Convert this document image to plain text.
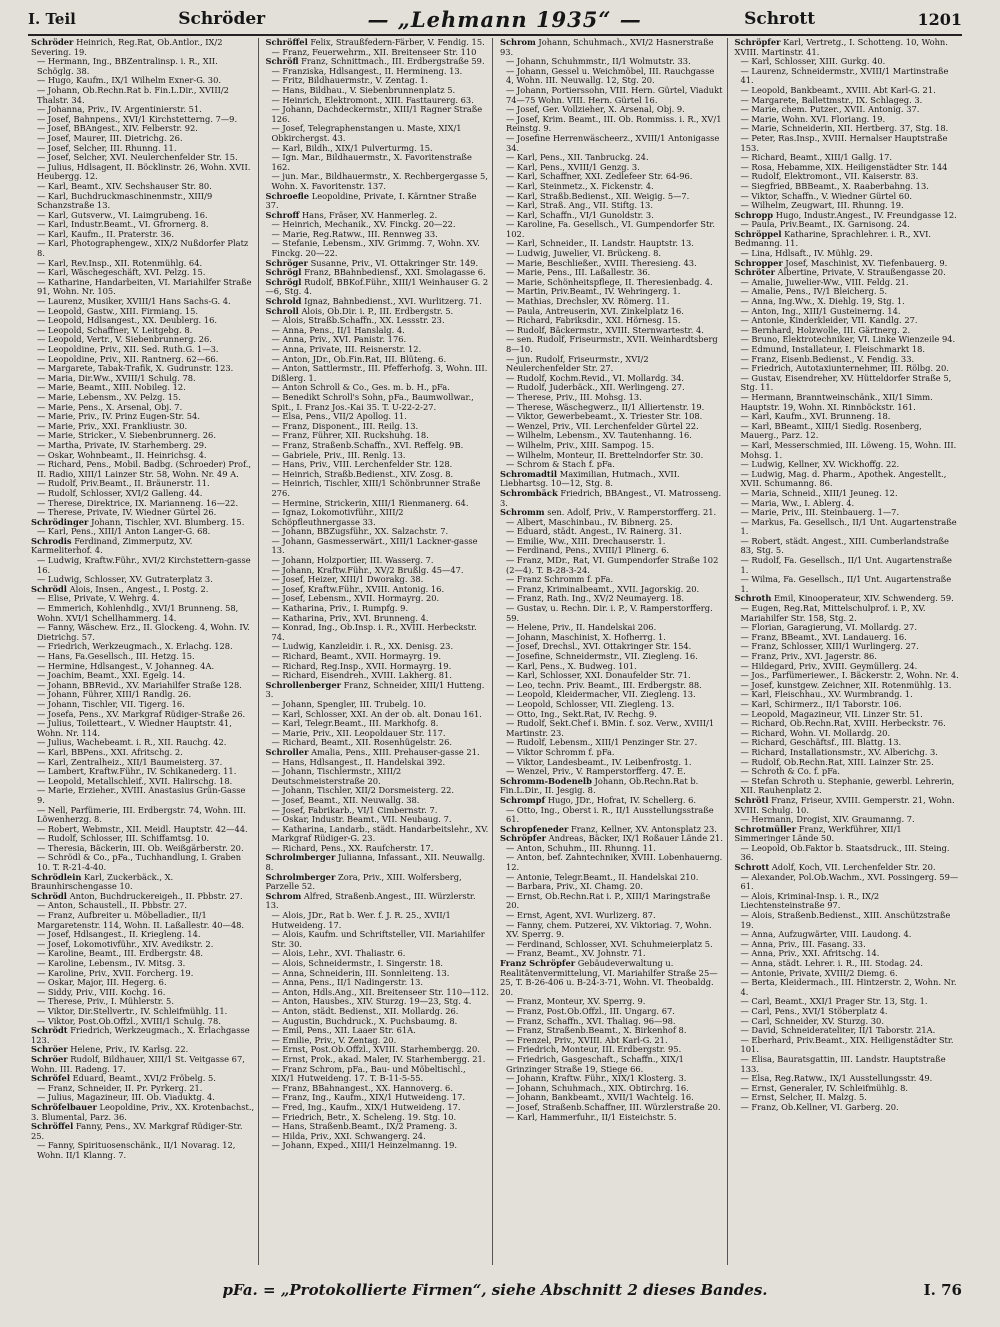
I. Teil	Schröder	— „Lehmann 1935“ —	Schrott	1201

Schröder Heinrich, Reg.Rat, Ob.Antlor., IX/2 Severing. 19.

— Hermann, Ing., BBZentralinsp. i. R., XII. Schöglg. 38.

— Hugo, Kaufm., IX/1 Wilhelm Exner-G. 30.

— Johann, Ob.Rechn.Rat b. Fin.L.Dir., XVIII/2 Thalstr. 34.

— Johanna, Priv., IV. Argentinierstr. 51.

— Josef, Bahnpens., XVI/1 Kirchstetterng. 7—9.

— Josef, BBAngest., XIV. Felberstr. 92.

— Josef, Maurer, III. Dietrichg. 26.

— Josef, Selcher, III. Rhunng. 11.

— Josef, Selcher, XVI. Neulerchenfelder Str. 15.

— Julius, Hdlsagent, II. Böcklinstr. 26, Wohn. XVII. Heubergg. 12.

— Karl, Beamt., XIV. Sechshauser Str. 80.

— Karl, Buchdruckmaschinenmstr., XIII/9 Schanzstraße 13.

— Karl, Gutsverw., VI. Laimgrubeng. 16.

— Karl, Industr.Beamt., VI. Gfrornerg. 8.

— Karl, Kaufm., II. Praterstr. 36.

— Karl, Photographengew., XIX/2 Nußdorfer Platz 8.

— Karl, Rev.Insp., XII. Rotenmühlg. 64.

— Karl, Wäschegeschäft, XVI. Pelzg. 15.

— Katharine, Handarbeiten, VI. Mariahilfer Straße 91, Wohn. Nr. 105.

— Laurenz, Musiker, XVIII/1 Hans Sachs-G. 4.

— Leopold, Gastw., XIII. Firmiang. 15.

— Leopold, Hdlsangest., XX. Deublerg. 16.

— Leopold, Schaffner, V. Leitgebg. 8.

— Leopold, Vertr., V. Siebenbrunnerg. 26.

— Leopoldine, Priv., XII. Sed. Ruth.G. 1—3.

— Leopoldine, Priv., XII. Rantnerg. 62—66.

— Margarete, Tabak-Trafik, X. Gudrunstr. 123.

— Maria, Dir.Ww., XVIII/1 Schulg. 78.

— Marie, Beamt., XIII. Nobileg. 12.

— Marie, Lebensm., XV. Pelzg. 15.

— Marie, Pens., X. Arsenal, Obj. 7.

— Marie, Priv., IV. Prinz Eugen-Str. 54.

— Marie, Priv., XXI. Frankliustr. 30.

— Marie, Stricker., V. Siebenbrunnerg. 26.

— Martha, Private, IV. Starhemberg. 29.

— Oskar, Wohnbeamt., II. Heinrichsg. 4.

— Richard, Pens., Mobil. Badbg. (Schroeder) Prof., II. Radio, XIII/1 Lainzer Str. 58, Wohn. Nr. 49 A.

— Rudolf, Priv.Beamt., II. Bräunerstr. 11.

— Rudolf, Schlosser, XVI/2 Galleng. 44.

— Therese, Direktrice, IX. Marianneng. 16—22.

— Therese, Private, IV. Wiedner Gürtel 26.

Schrödinger Johann, Tischler, XVI. Blumberg. 15.

— Karl, Pens., XIII/1 Anton Langer-G. 68.

Schrodis Ferdinand, Zimmerputz, XV. Karmeliterhof. 4.

— Ludwig, Kraftw.Führ., XVI/2 Kirchstettern-gasse 16.

— Ludwig, Schlosser, XV. Gutraterplatz 3.

Schrödl Alois, Insen., Angest., I. Postg. 2.

— Elise, Private, V. Wehrg. 4.

— Emmerich, Kohlenhdlg., XVI/1 Brunneng. 58, Wohn. XVI/1 Schellhammerg. 14.

— Fanny, Wäschew. Erz., II. Glockeng. 4, Wohn. IV. Dietrichg. 57.

— Friedrich, Werkzeugmach., X. Erlachg. 128.

— Hans, Fa.Gesellsch., III. Hetzg. 15.

— Hermine, Hdlsangest., V. Johanneg. 4A.

— Joachim, Beamt., XXI. Egelg. 14.

— Johann, BBRevid., XV. Mariahilfer Straße 128.

— Johann, Führer, XIII/1 Randlg. 26.

— Johann, Tischler, VII. Tigerg. 16.

— Josefa, Pens., XV. Markgraf Rüdiger-Straße 26.

— Julius, Toiletteart., V. Wiedner Hauptstr. 41, Wohn. Nr. 114.

— Julius, Wachebeamt. i. R., XII. Rauchg. 42.

— Karl, BBPens., XXI. Afritschg. 2.

— Karl, Zentralheiz., XII/1 Baumeisterg. 37.

— Lambert, Kraftw.Führ., IV. Schikanederg. 11.

— Leopold, Metallschleif., XVII. Halirschg. 18.

— Marie, Erzieher., XVIII. Anastasius Grün-Gasse 9.

— Nell, Parfümerie, III. Erdbergstr. 74, Wohn. III. Löwenherzg. 8.

— Robert, Webmstr., XII. Meidl. Hauptstr. 42—44.

— Rudolf, Schlosser, III. Schiffamtsg. 10.

— Theresia, Bäckerin, III. Ob. Weißgärberstr. 20.

— Schrödl & Co., pFa., Tuchhandlung, I. Graben 10. T. R-21-4-40.

Schrödlein Karl, Zuckerbäck., X. Braunhirschengasse 10.

Schrödl Anton, Buchdruckereigeh., II. Pbbstr. 27.

— Anton, Schaustell., II. Pbbstr. 27.

— Franz, Aufbreiter u. Möbelladier., II/1 Margaretenstr. 114, Wohn. II. Laßallestr. 40—48.

— Josef, Hdlsangest., II. Kriegleng. 14.

— Josef, Lokomotivführ., XIV. Avedikstr. 2.

— Karoline, Beamt., III. Erdbergstr. 48.

— Karoline, Lebensm., IV. Mitsg. 3.

— Karoline, Priv., XVII. Forcherg. 19.

— Oskar, Major, III. Hegerg. 6.

— Siddy, Priv., VIII. Kochg. 16.

— Therese, Priv., I. Mühlerstr. 5.

— Viktor, Dir.Stellvertr., IV. Schleifmühlg. 11.

— Viktor, Post.Ob.Offzl., XVIII/1 Schulg. 78.

Schrödt Friedrich, Werkzeugmach., X. Erlachgasse 123.

Schröer Helene, Priv., IV. Karlsg. 22.

Schröer Rudolf, Bildhauer, XIII/1 St. Veitgasse 67, Wohn. III. Radeng. 17.

Schröfel Eduard, Beamt., XVI/2 Fröbelg. 5.

— Franz, Schneider, II. Pr. Pyrkerg. 21.

— Julius, Magazineur, III. Ob. Viaduktg. 4.

Schröfelbauer Leopoldine, Priv., XX. Krotenbachst., 3. Blumental, Parz. 36.

Schröffel Fanny, Pens., XV. Markgraf Rüdiger-Str. 25.

— Fanny, Spirituosenschänk., II/1 Novarag. 12, Wohn. II/1 Klanng. 7.

Schröffel Felix, Straußfedern-Färber, V. Fendig. 15.

— Franz, Feuerwehrm., XII. Breitenseer Str. 110

Schröfl Franz, Schnittmach., III. Erdbergstraße 59.

— Franziska, Hdlsangest., II. Hermineng. 13.

— Fritz, Bildhauermstr., V. Zentag. 1.

— Hans, Bildhau., V. Siebenbrunnenplatz 5.

— Heinrich, Elektromont., XIII. Fasttaurerg. 63.

— Johann, Dachdeckermstr., XIII/1 Ragner Straße 126.

— Josef, Telegraphenstangen u. Maste, XIX/1 Obkirchergst. 43.

— Karl, Bildh., XIX/1 Pulverturmg. 15.

— Ign. Mar., Bildhauermstr., X. Favoritenstraße 162.

— jun. Mar., Bildhauermstr., X. Rechbergergasse 5, Wohn. X. Favoritenstr. 137.

Schroefle Leopoldine, Private, I. Kärntner Straße 37.

Schroff Hans, Fräser, XV. Hanmerleg. 2.

— Heinrich, Mechanik., XV. Finckg. 20—22.

— Marie, Reg.Ratww., III. Rennweg 33.

— Stefanie, Lebensm., XIV. Grimmg. 7, Wohn. XV. Finckg. 20—22.

Schröger Susanne, Priv., VI. Ottakringer Str. 149.

Schrögl Franz, BBahnbediensf., XXI. Smolagasse 6.

Schrögl Rudolf, BBKof.Führ., XIII/1 Weinhauser G. 2—6, Stg. 4.

Schrold Ignaz, Bahnbedienst., XVI. Wurlitzerg. 71.

Schroll Alois, Ob.Dir. i. P., III. Erdbergstr. 5.

— Alois, Straßb.Schaffn., XX. Lessstr. 23.

— Anna, Pens., II/1 Hanslalg. 4.

— Anna, Priv., XVI. Panistr. 176.

— Anna, Private, III. Reisnerstr. 12.

— Anton, JDr., Ob.Fin.Rat, III. Blüteng. 6.

— Anton, Sattlermstr., III. Pfefferhofg. 3, Wohn. III. Dißlerg. 1.

— Anton Schroll & Co., Ges. m. b. H., pFa.

— Benedikt Schroll's Sohn, pFa., Baumwollwar., Spit., I. Franz Jos.-Kai 35. T. U-22-2-27.

— Elsa, Pens., VII/2 Apollog. 11.

— Franz, Disponent., III. Reilg. 13.

— Franz, Führer, XII. Ruckshuhg. 18.

— Franz, Straßenb.Schaffn., XVI. Reffelg. 9B.

— Gabriele, Priv., III. Renlg. 13.

— Hans, Priv., VIII. Lerchenfelder Str. 128.

— Heinrich, Straßb.Bedienst., XIV. Zosg. 8.

— Heinrich, Tischler, XIII/1 Schönbrunner Straße 276.

— Hermine, Strickerin, XIII/1 Rienmanerg. 64.

— Ignaz, Lokomotivführ., XIII/2 Schöpfleuthnergasse 33.

— Johann, BBZugsführ., XX. Salzachstr. 7.

— Johann, Gasmesserwärt., XIII/1 Lackner-gasse 13.

— Johann, Holzportier, III. Wasserg. 7.

— Johann, Kraftw.Führ., XV/2 Brußlg. 45—47.

— Josef, Heizer, XIII/1 Dworakg. 38.

— Josef, Kraftw.Führ., XVIII. Antonig. 16.

— Josef, Lebensm., XVII. Hormayrg. 20.

— Katharina, Priv., I. Rumpfg. 9.

— Katharina, Priv., XVI. Brunneng. 4.

— Konrad, Ing., Ob.Insp. i. R., XVIII. Herbeckstr. 74.

— Ludwig, Kanzleidir. i. R., XX. Denisg. 23.

— Richard, Beamt., XVII. Hormayrg. 19.

— Richard, Reg.Insp., XVII. Hormayrg. 19.

— Richard, Eisendreh., XVIII. Lakherg. 81.

Schrollenberger Franz, Schneider, XIII/1 Hutteng. 3.

— Johann, Spengler, III. Trubelg. 10.

— Karl, Schlosser, XXI. An der ob. alt. Donau 161.

— Karl, Telegr.Beamt., III. Markhofg. 8.

— Marie, Priv., XII. Leopoldauer Str. 117.

— Richard, Beamt., XII. Rosenhügelstr. 26.

Schroller Amalia, Pens., XIII. Prehauser-gasse 21.

— Hans, Hdlsangest., II. Handelskai 392.

— Johann, Tischlermstr., XIII/2 Deutschmeisterstraße 20.

— Johann, Tischler, XII/2 Dorsmeisterg. 22.

— Josef, Beamt., XII. Neuwallg. 38.

— Josef, Fabrikarb., VI/1 Cimbernstr. 7.

— Oskar, Industr. Beamt., VII. Neubaug. 7.

— Katharina, Landarb., städt. Handarbeitslehr., XV. Markgraf Rüdiger-G. 23.

— Richard, Pens., XX. Raufcherstr. 17.

Schrolmberger Julianna, Infassant., XII. Neuwallg. 8.

Schrolmberger Zora, Priv., XIII. Wolfersberg, Parzelle 52.

Schrom Alfred, Straßenb.Angest., III. Würzlerstr. 13.

— Alois, JDr., Rat b. Wer. f. J. R. 25., XVII/1 Hutweideng. 17.

— Alois, Kaufm. und Schriftsteller, VII. Mariahilfer Str. 30.

— Alois, Lehr., XVI. Thaliastr. 6.

— Alois, Schneidermstr., I. Singerstr. 18.

— Anna, Schneiderin, III. Sonnleiteng. 13.

— Anna, Pens., II/1 Nadingerstr. 13.

— Anton, Hdls.Ang., XII. Breitenseer Str. 110—112.

— Anton, Hausbes., XIV. Sturzg. 19—23, Stg. 4.

— Anton, städt. Bedienst., XII. Mollardg. 26.

— Augustin, Buchdruck., X. Puchsbaumg. 8.

— Emil, Pens., XII. Laaer Str. 61A.

— Emilie, Priv., V. Zentag. 20.

— Ernst, Post.Ob.Offzl., XVIII. Starhembergg. 20.

— Ernst, Prok., akad. Maler, IV. Starhembergg. 21.

— Franz Schrom, pFa., Bau- und Möbeltischl., XIX/1 Hutweideng. 17. T. B-11-5-55.

— Franz, BBahnangest., XX. Hannoverg. 6.

— Franz, Ing., Kaufm., XIX/1 Hutweideng. 17.

— Fred, Ing., Kaufm., XIX/1 Hutweideng. 17.

— Friedrich, Betr., X. Scheleng. 19. Stg. 10.

— Hans, Straßenb.Beamt., IX/2 Prameng. 3.

— Hilda, Priv., XXI. Schwangerg. 24.

— Johann, Exped., XIII/1 Heinzelmanng. 19.

Schrom Johann, Schuhmach., XVI/2 Hasnerstraße 93.

— Johann, Schuhmmstr., II/1 Wolmutstr. 33.

— Johann, Gessel u. Weichmöbel, III. Rauchgasse 4, Wohn. III. Neuwallg. 12, Stg. 20.

— Johann, Portierssohn, VIII. Hern. Gürtel, Viadukt 74—75 Wohn. VIII. Hern. Gürtel 16.

— Josef, Ger. Vollzieher, X. Arsenal, Obj. 9.

— Josef, Krim. Beamt., III. Ob. Rommiss. i. R., XV/1 Reinstg. 9.

— Josefine Herrenwäscheerz., XVIII/1 Antonigasse 34.

— Karl, Pens., XII. Tanbruckg. 24.

— Karl, Pens., XVIII/1 Genzg. 3.

— Karl, Schaffner, XXI. Zedlefeer Str. 64-96.

— Karl, Steinmetz., X. Fickenstr. 4.

— Karl, Straßb.Bedienst., XII. Weigig. 5—7.

— Karl, Straß. Ang., VII. Stiftg. 13.

— Karl, Schaffn., VI/1 Gunoldstr. 3.

— Karoline, Fa. Gesellsch., VI. Gumpendorfer Str. 102.

— Karl, Schneider., II. Landstr. Hauptstr. 13.

— Ludwig, Juwelier, VI. Brückeng. 8.

— Marie, Beschließer., XVIII. Theresieng. 43.

— Marie, Pens., III. Laßallestr. 36.

— Marie, Schönheitspflege, II. Theresienbadg. 4.

— Martin, Priv.Beamt., IV. Wehringerg. 1.

— Mathias, Drechsler, XV. Römerg. 11.

— Paula, Antreuserin, XVI. Zinkelplatz 16.

— Richard, Fabriksdir., XXI. Hörnesg. 15.

— Rudolf, Bäckermstr., XVIII. Sternwartestr. 4.

— sen. Rudolf, Friseurmstr., XVII. Weinhardtsberg 8—10.

— jun. Rudolf, Friseurmstr., XVI/2 Neulerchenfelder Str. 27.

— Rudolf, Kochm.Revid., VI. Mollardg. 34.

— Rudolf, Juderbäck., XII. Werlingeng. 27.

— Therese, Priv., III. Mohsg. 13.

— Therese, Wäschegwerz., II/1 Alliertenstr. 19.

— Viktor, Gewerbebeamt., X. Triester Str. 108.

— Wenzel, Priv., VII. Lerchenfelder Gürtel 22.

— Wilhelm, Lebensm., XV. Tautenhanng. 16.

— Wilhelm, Priv., XIII. Sampog. 15.

— Wilhelm, Monteur, II. Brettelndorfer Str. 30.

— Schrom & Stach f. pFa.

Schromadtil Maximilian, Hutmach., XVII. Liebhartsg. 10—12, Stg. 8.

Schrombäck Friedrich, BBAngest., VI. Matrosseng. 3.

Schromm sen. Adolf, Priv., V. Ramperstorfferg. 21.

— Albert, Maschinbau., IV. Bibnerg. 25.

— Eduard, städt. Angest., IV. Rainerg. 31.

— Emilie, Ww., XIII. Drechauserstr. 1.

— Ferdinand, Pens., XVIII/1 Plinerg. 6.

— Franz, MDr., Rat, VI. Gumpendorfer Straße 102 (2—4). T. B-28-3-24.

— Franz Schromm f. pFa.

— Franz, Kriminalbeamt., XVII. Jagorskig. 20.

— Franz, Rath. Ing., XV/2 Neumayerg. 18.

— Gustav, u. Rechn. Dir. i. P., V. Ramperstorfferg. 59.

— Helene, Priv., II. Handelskai 206.

— Johann, Maschinist, X. Hofherrg. 1.

— Josef, Drechsl., XVI. Ottakringer Str. 154.

— Josefine, Schneidermstr., VII. Ziegleng. 16.

— Karl, Pens., X. Budweg. 101.

— Karl, Schlosser, XXI. Donaufelder Str. 71.

— Leo, techn. Priv. Beamt., III. Erdbergstr. 88.

— Leopold, Kleidermacher, VII. Ziegleng. 13.

— Leopold, Schlosser, VII. Ziegleng. 13.

— Otto, Ing., Sekt.Rat, IV. Rechg. 9.

— Rudolf, Sekt.Chef i. BMin. f. soz. Verw., XVIII/1 Martinstr. 23.

— Rudolf, Lebensm., XIII/1 Penzinger Str. 27.

— Viktor Schromm f. pFa.

— Viktor, Landesbeamt., IV. Leibenfrostg. 1.

— Wenzel, Priv., V. Ramperstorfferg. 47. E.

Schromm-Bodenelb Johann, Ob.Rechn.Rat b. Fin.L.Dir., II. Jesgig. 8.

Schrompf Hugo, JDr., Hofrat, IV. Schellerg. 6.

— Otto, Ing., Oberst i. R., II/1 Ausstellungsstraße 61.

Schropfeneder Franz, Kellner, XV. Antonsplatz 23.

Schröpfer Andreas, Bäcker, IX/1 Roßauer Lände 21.

— Anton, Schuhm., III. Rhunng. 11.

— Anton, bef. Zahntechniker, XVIII. Lobenhauerng. 12.

— Antonie, Telegr.Beamt., II. Handelskai 210.

— Barbara, Priv., XI. Chamg. 20.

— Ernst, Ob.Rechn.Rat i. P., XIII/1 Maringstraße 20.

— Ernst, Agent, XVI. Wurlizerg. 87.

— Fanny, chem. Putzerei, XV. Viktoriag. 7, Wohn. XV. Sperrg. 9.

— Ferdinand, Schlosser, XVI. Schuhmeierplatz 5.

— Franz, Beamt., XV. Johnstr. 71.

Franz Schröpfer Gebäudeverwaltung u. Realitätenvermittelung, VI. Mariahilfer Straße 25—25, T. B-26-406 u. B-24-3-71, Wohn. VI. Theobaldg. 20.

— Franz, Monteur, XV. Sperrg. 9.

— Franz, Post.Ob.Offzl., III. Ungarg. 67.

— Franz, Schaffn., XVI. Thaliag. 96—98.

— Franz, Straßenb.Beamt., X. Birkenhof 8.

— Frenzel, Priv., XVIII. Abt Karl-G. 21.

— Friedrich, Monteur, III. Erdbergstr. 95.

— Friedrich, Gasgeschaft., Schaffn., XIX/1 Grinzinger Straße 19, Stiege 66.

— Johann, Kraftw. Führ., XIX/1 Klosterg. 3.

— Johann, Schuhmach., XIX. Obtirchrg. 16.

— Johann, Bankbeamt., XVII/1 Wachtelg. 16.

— Josef, Straßenb.Schaffner, III. Würzlerstraße 20.

— Karl, Hammerfuhr., II/1 Eisteichstr. 5.

Schröpfer Karl, Vertretg., I. Schotteng. 10, Wohn. XVIII. Martinstr. 41.

— Karl, Schlosser, XIII. Gurkg. 40.

— Laurenz, Schneidermstr., XVIII/1 Martinstraße 41.

— Leopold, Bankbeamt., XVIII. Abt Karl-G. 21.

— Margarete, Ballettmstr., IX. Schlageg. 3.

— Marie, chem. Putzer., XVII. Antonig. 37.

— Marie, Wohn. XVI. Floriang. 19.

— Marie, Schneiderin, XII. Hertberg. 37, Stg. 18.

— Peter, Ras.Insp., XVIII. Hernalser Hauptstraße 153.

— Richard, Beamt., XIII/1 Gallg. 17.

— Rosa, Hebamme, XIX. Heiligenstädter Str. 144

— Rudolf, Elektromont., VII. Kaiserstr. 83.

— Siegfried, BBBeamt., X. Raaberbahng. 13.

— Viktor, Schaffn., V. Wiedner Gürtel 60.

— Wilhelm, Zeugwart, III. Rhunng. 19.

Schropp Hugo, Industr.Angest., IV. Freundgasse 12.

— Paula, Priv.Beamt., IX. Garnisong. 24.

Schröppel Katharine, Sprachlehrer. i. R., XVI. Bedmanng. 11.

— Lina, Hdlsaft., IV. Mühlg. 29.

Schropper Josef, Maschinist, XV. Tiefenbauerg. 9.

Schröter Albertine, Private, V. Straußengasse 20.

— Amalie, Juwelier-Ww., VIII. Feldg. 21.

— Amalie, Pens., IV/1 Bleicherg. 5.

— Anna, Ing.Ww., X. Diehlg. 19, Stg. 1.

— Anton, Ing., XIII/1 Gusteinerng. 14.

— Antonie, Kinderkleider, VII. Kandlg. 27.

— Bernhard, Holzwolle, III. Gärtnerg. 2.

— Bruno, Elektrotechniker, VI. Linke Wienzeile 94.

— Edmund, Installateur, I. Fleischmarkt 18.

— Franz, Eisenb.Bedienst., V. Fendig. 33.

— Friedrich, Autotaxiunternehmer, III. Rölbg. 20.

— Gustav, Eisendreher, XV. Hütteldorfer Straße 5, Stg. 11.

— Hermann, Branntweinschänk., XII/1 Simm. Hauptstr. 19, Wohn. XI. Rinnböckstr. 161.

— Karl, Kaufm., XVI. Brunneng. 18.

— Karl, BBeamt., XIII/1 Siedlg. Rosenberg, Mauerg., Parz. 12.

— Karl, Messerschmied, III. Löweng. 15, Wohn. III. Mohsg. 1.

— Ludwig, Kellner, XV. Wickhoffg. 22.

— Ludwig, Mag. d. Pharm., Apothek. Angestellt., XVII. Schumanng. 86.

— Maria, Schneid., XIII/1 Jeuneg. 12.

— Maria, Ww., I. Ablerg. 4.

— Marie, Priv., III. Steinbauerg. 1—7.

— Markus, Fa. Gesellsch., II/1 Unt. Augartenstraße 1.

— Robert, städt. Angest., XIII. Cumberlandstraße 83, Stg. 5.

— Rudolf, Fa. Gesellsch., II/1 Unt. Augartenstraße 1.

— Wilma, Fa. Gesellsch., II/1 Unt. Augartenstraße 1.

Schroth Emil, Kinooperateur, XIV. Schwenderg. 59.

— Eugen, Reg.Rat, Mittelschulprof. i. P., XV. Mariahilfer Str. 158, Stg. 2.

— Florian, Garagierung, VI. Mollardg. 27.

— Franz, BBeamt., XVI. Landauerg. 16.

— Franz, Schlosser, XIII/1 Wurlingerg. 27.

— Franz, Priv., XVI. Jagerstr. 86.

— Hildegard, Priv., XVIII. Geymüllerg. 24.

— Jos., Parfümeriewer., I. Bäckerstr. 2, Wohn. Nr. 4.

— Josef, kunstgew. Zeichner, XII. Rotenmühlg. 13.

— Karl, Fleischhau., XV. Wurmbrandg. 1.

— Karl, Schirmerz., II/1 Taborstr. 106.

— Leopold, Magazineur, VII. Linzer Str. 51.

— Richard, Ob.Rechn.Rat, XVIII. Herbeckstr. 76.

— Richard, Wohn. VI. Mollardg. 20.

— Richard, Geschäftsf., III. Blattg. 13.

— Richard, Installationsmstr., XV. Alberichg. 3.

— Rudolf, Ob.Rechn.Rat, XIII. Lainzer Str. 25.

— Schroth & Co. f. pFa.

— Stefan Schroth u. Stephanie, gewerbl. Lehrerin, XII. Rauhenplatz 2.

Schrötl Franz, Friseur, XVIII. Gemperstr. 21, Wohn. XVIII. Schulg. 10.

— Hermann, Drogist, XIV. Graumanng. 7.

Schrotmüller Franz, Werkführer, XII/1 Simmeringer Lände 50.

— Leopold, Ob.Faktor b. Staatsdruck., III. Steing. 36.

Schrott Adolf, Koch, VII. Lerchenfelder Str. 20.

— Alexander, Pol.Ob.Wachm., XVI. Possingerg. 59—61.

— Alois, Kriminal-Insp. i. R., IX/2 Liechtensteinstraße 97.

— Alois, Straßenb.Bedienst., XIII. Anschützstraße 19.

— Anna, Aufzugwärter, VIII. Laudong. 4.

— Anna, Priv., III. Fasang. 33.

— Anna, Priv., XXI. Afritschg. 14.

— Anna, städt. Lehrer. i. R., III. Stodag. 24.

— Antonie, Private, XVIII/2 Diemg. 6.

— Berta, Kleidermach., III. Hintzerstr. 2, Wohn. Nr. 4.

— Carl, Beamt., XXI/1 Prager Str. 13, Stg. 1.

— Carl, Pens., XVI/1 Stöberplatz 4.

— Carl, Schneider, XV. Sturzg. 30.

— David, Schneiderateliter, II/1 Taborstr. 21A.

— Eberhard, Priv.Beamt., XIX. Heiligenstädter Str. 101.

— Elisa, Bauratsgattin, III. Landstr. Hauptstraße 133.

— Elsa, Reg.Ratww., IX/1 Ausstellungsstr. 49.

— Ernst, Generaler, IV. Schleifmühlg. 8.

— Ernst, Selcher, II. Malzg. 5.

— Franz, Ob.Kellner, VI. Garberg. 20.

pFa. = „Protokollierte Firmen“, siehe Abschnitt 2 dieses Bandes.	I. 76
